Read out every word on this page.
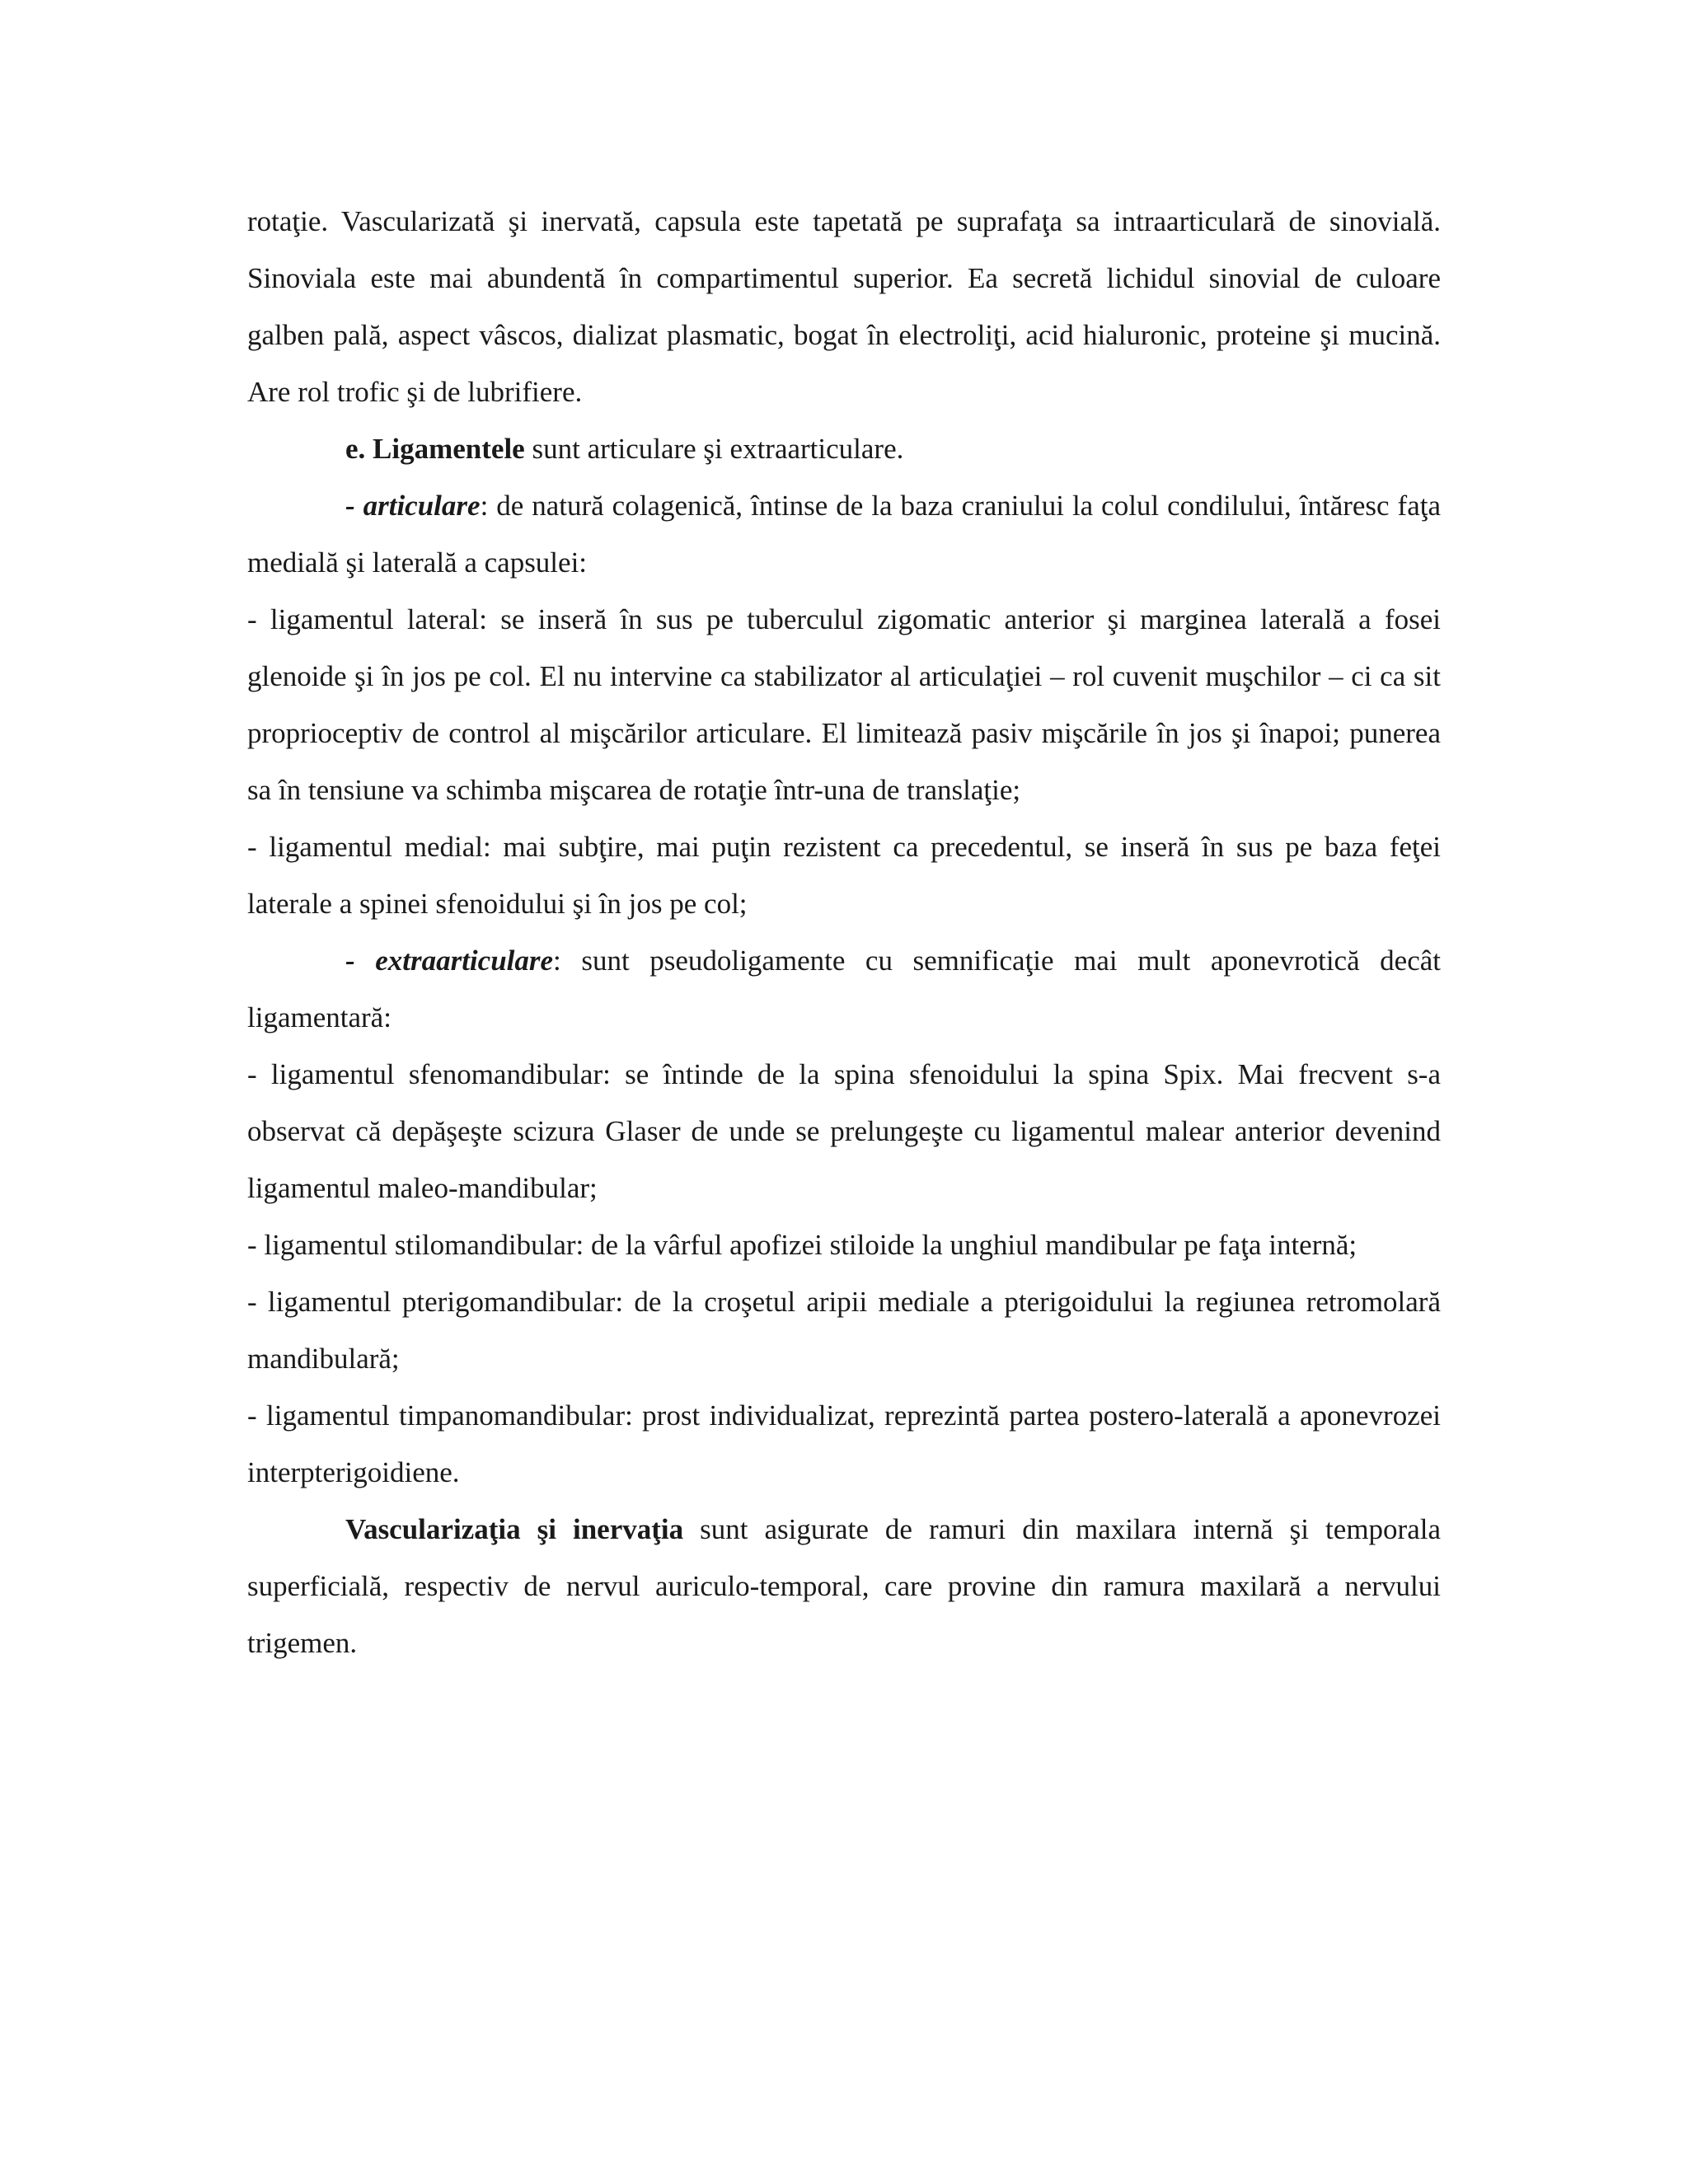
rotaţie. Vascularizată şi inervată, capsula este tapetată pe suprafaţa sa intraarticulară de sinovială. Sinoviala este mai abundentă în compartimentul superior. Ea secretă lichidul sinovial de culoare galben pală, aspect vâscos, dializat plasmatic, bogat în electroliţi, acid hialuronic, proteine şi mucină. Are rol trofic şi de lubrifiere.

e. Ligamentele sunt articulare şi extraarticulare.

- articulare: de natură colagenică, întinse de la baza craniului la colul condilului, întăresc faţa medială şi laterală a capsulei:

- ligamentul lateral: se inseră în sus pe tuberculul zigomatic anterior şi marginea laterală a fosei glenoide şi în jos pe col. El nu intervine ca stabilizator al articulaţiei – rol cuvenit muşchilor – ci ca sit proprioceptiv de control al mişcărilor articulare. El limitează pasiv mişcările în jos şi înapoi; punerea sa în tensiune va schimba mişcarea de rotaţie într-una de translaţie;

- ligamentul medial: mai subţire, mai puţin rezistent ca precedentul, se inseră în sus pe baza feţei laterale a spinei sfenoidului şi în jos pe col;

- extraarticulare: sunt pseudoligamente cu semnificaţie mai mult aponevrotică decât ligamentară:

- ligamentul sfenomandibular: se întinde de la spina sfenoidului la spina Spix. Mai frecvent s-a observat că depăşeşte scizura Glaser de unde se prelungeşte cu ligamentul malear anterior devenind ligamentul maleo-mandibular;

- ligamentul stilomandibular: de la vârful apofizei stiloide la unghiul mandibular pe faţa internă;

- ligamentul pterigomandibular: de la croşetul aripii mediale a pterigoidului la regiunea retromolară mandibulară;

- ligamentul timpanomandibular: prost individualizat, reprezintă partea postero-laterală a aponevrozei interpterigoidiene.

Vascularizaţia şi inervaţia sunt asigurate de ramuri din maxilara internă şi temporala superficială, respectiv de nervul auriculo-temporal, care provine din ramura maxilară a nervului trigemen.
